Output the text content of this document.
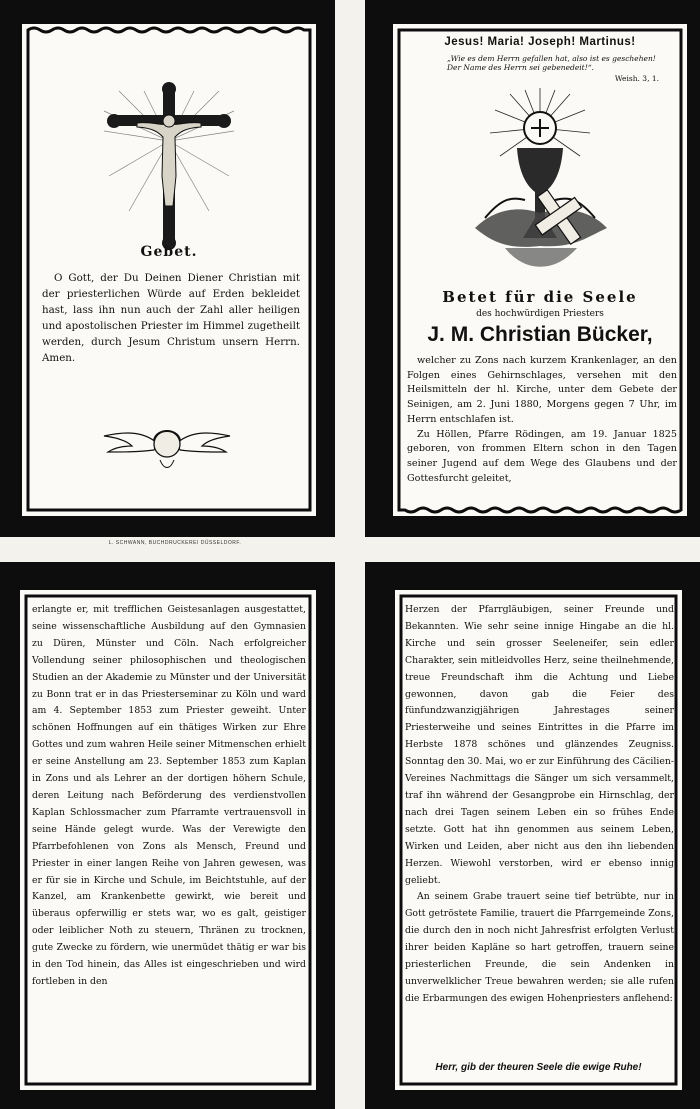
Gebet.

O Gott, der Du Deinen Diener Christian mit der priesterlichen Würde auf Erden bekleidet hast, lass ihn nun auch der Zahl aller heiligen und apostolischen Priester im Himmel zugetheilt werden, durch Jesum Christum unsern Herrn. Amen.

L. SCHWANN, BUCHDRUCKEREI DÜSSELDORF.
Jesus! Maria! Joseph! Martinus!
„Wie es dem Herrn gefallen hat, also ist es geschehen! Der Name des Herrn sei gebenedeit!“.
Weish. 3, 1.
Betet für die Seele
des hochwürdigen Priesters
J. M. Christian Bücker,

welcher zu Zons nach kurzem Krankenlager, an den Folgen eines Gehirnschlages, versehen mit den Heilsmitteln der hl. Kirche, unter dem Gebete der Seinigen, am 2. Juni 1880, Morgens gegen 7 Uhr, im Herrn entschlafen ist.

Zu Höllen, Pfarre Rödingen, am 19. Januar 1825 geboren, von frommen Eltern schon in den Tagen seiner Jugend auf dem Wege des Glaubens und der Gottesfurcht geleitet,

erlangte er, mit trefflichen Geistesanlagen ausgestattet, seine wissenschaftliche Ausbildung auf den Gymnasien zu Düren, Münster und Cöln. Nach erfolgreicher Vollendung seiner philosophischen und theologischen Studien an der Akademie zu Münster und der Universität zu Bonn trat er in das Priesterseminar zu Köln und ward am 4. September 1853 zum Priester geweiht. Unter schönen Hoffnungen auf ein thätiges Wirken zur Ehre Gottes und zum wahren Heile seiner Mitmenschen erhielt er seine Anstellung am 23. September 1853 zum Kaplan in Zons und als Lehrer an der dortigen höhern Schule, deren Leitung nach Beförderung des verdienstvollen Kaplan Schlossmacher zum Pfarramte vertrauensvoll in seine Hände gelegt wurde. Was der Verewigte den Pfarrbefohlenen von Zons als Mensch, Freund und Priester in einer langen Reihe von Jahren gewesen, was er für sie in Kirche und Schule, im Beichtstuhle, auf der Kanzel, am Krankenbette gewirkt, wie bereit und überaus opferwillig er stets war, wo es galt, geistiger oder leiblicher Noth zu steuern, Thränen zu trocknen, gute Zwecke zu fördern, wie unermüdet thätig er war bis in den Tod hinein, das Alles ist eingeschrieben und wird fortleben in den

Herzen der Pfarrgläubigen, seiner Freunde und Bekannten. Wie sehr seine innige Hingabe an die hl. Kirche und sein grosser Seeleneifer, sein edler Charakter, sein mitleidvolles Herz, seine theilnehmende, treue Freundschaft ihm die Achtung und Liebe gewonnen, davon gab die Feier des fünfundzwanzigjährigen Jahrestages seiner Priesterweihe und seines Eintrittes in die Pfarre im Herbste 1878 schönes und glänzendes Zeugniss. Sonntag den 30. Mai, wo er zur Einführung des Cäcilien-Vereines Nachmittags die Sänger um sich versammelt, traf ihn während der Gesangprobe ein Hirnschlag, der nach drei Tagen seinem Leben ein so frühes Ende setzte. Gott hat ihn genommen aus seinem Leben, Wirken und Leiden, aber nicht aus den ihn liebenden Herzen. Wiewohl verstorben, wird er ebenso innig geliebt.

An seinem Grabe trauert seine tief betrübte, nur in Gott getröstete Familie, trauert die Pfarrgemeinde Zons, die durch den in noch nicht Jahresfrist erfolgten Verlust ihrer beiden Kapläne so hart getroffen, trauern seine priesterlichen Freunde, die sein Andenken in unverwelklicher Treue bewahren werden; sie alle rufen die Erbarmungen des ewigen Hohenpriesters anflehend:

Herr, gib der theuren Seele die ewige Ruhe!
